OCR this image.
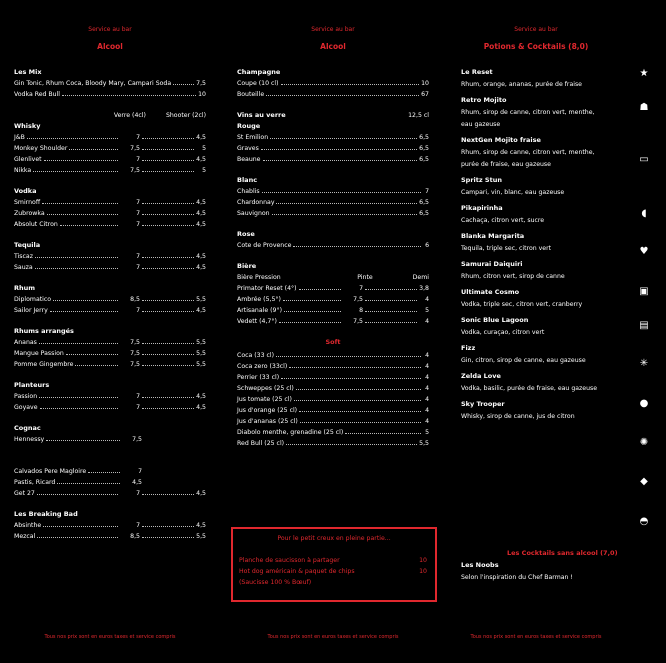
Service au bar
Alcool
Les Mix
Gin Tonic, Rhum Coca, Bloody Mary, Campari Soda	7,5
Vodka Red Bull	10
Verre (4cl)	Shooter (2cl)
Whisky
J&B	7	4,5
Monkey Shoulder	7,5	5
Glenlivet	7	4,5
Nikka	7,5	5
Vodka
Smirnoff	7	4,5
Zubrowka	7	4,5
Absolut Citron	7	4,5
Tequila
Tiscaz	7	4,5
Sauza	7	4,5
Rhum
Diplomatico	8,5	5,5
Sailor Jerry	7	4,5
Rhums arrangés
Ananas	7,5	5,5
Mangue Passion	7,5	5,5
Pomme Gingembre	7,5	5,5
Planteurs
Passion	7	4,5
Goyave	7	4,5
Cognac
Hennessy	7,5
Calvados Pere Magloire	7
Pastis, Ricard	4,5
Get 27	7	4,5
Les Breaking Bad
Absinthe	7	4,5
Mezcal	8,5	5,5
Tous nos prix sont en euros taxes et service compris
Service au bar
Alcool
Champagne
Coupe (10 cl)	10
Bouteille	67
Vins au verre	12,5 cl
Rouge
St Emilion	6,5
Graves	6,5
Beaune	6,5
Blanc
Chablis	7
Chardonnay	6,5
Sauvignon	6,5
Rose
Cote de Provence	6
Bière
Bière Pression	Pinte	Demi
Primator Reset (4°)	7	3,8
Ambrée (5,5°)	7,5	4
Artisanale (9°)	8	5
Vedett (4,7°)	7,5	4
Soft
Coca (33 cl)	4
Coca zero (33cl)	4
Perrier (33 cl)	4
Schweppes (25 cl)	4
Jus tomate (25 cl)	4
Jus d'orange (25 cl)	4
Jus d'ananas (25 cl)	4
Diabolo menthe, grenadine (25 cl)	5
Red Bull (25 cl)	5,5
Tous nos prix sont en euros taxes et service compris
Pour le petit creux en pleine partie...
Planche de saucisson à partager	10
Hot dog américain & paquet de chips	10
(Saucisse 100 % Bœuf)
Service au bar
Potions & Cocktails (8,0)
Le Reset
Rhum, orange, ananas, purée de fraise
Retro Mojito
Rhum, sirop de canne, citron vert, menthe,
eau gazeuse
NextGen Mojito fraise
Rhum, sirop de canne, citron vert, menthe,
purée de fraise, eau gazeuse
Spritz Stun
Campari, vin, blanc, eau gazeuse
Pikapirinha
Cachaça, citron vert, sucre
Blanka Margarita
Tequila, triple sec, citron vert
Samurai Daiquiri
Rhum, citron vert, sirop de canne
Ultimate Cosmo
Vodka, triple sec, citron vert, cranberry
Sonic Blue Lagoon
Vodka, curaçao, citron vert
Fizz
Gin, citron, sirop de canne, eau gazeuse
Zelda Love
Vodka, basilic, purée de fraise, eau gazeuse
Sky Trooper
Whisky, sirop de canne, jus de citron
Les Cocktails sans alcool (7,0)
Les Noobs
Selon l'inspiration du Chef Barman !
Tous nos prix sont en euros taxes et service compris
★
☗
▭
◖
♥
▣
▤
✳
●
✺
◆
◓
